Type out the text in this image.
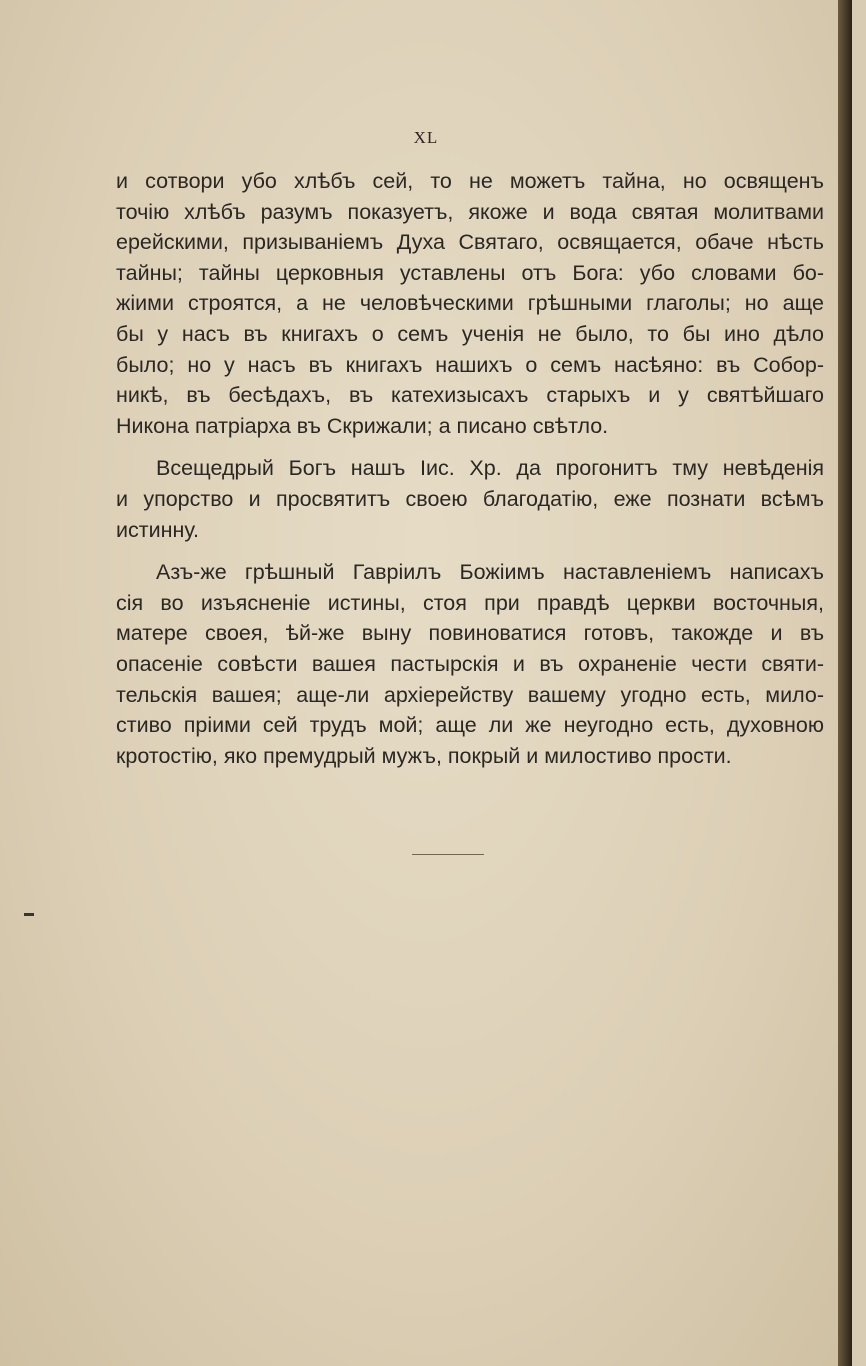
XL
и сотвори убо хлѣбъ сей, то не можетъ тайна, но освященъ
точію хлѣбъ разумъ показуетъ, якоже и вода святая молитвами
ерейскими, призываніемъ Духа Святаго, освящается, обаче нѣсть
тайны; тайны церковныя уставлены отъ Бога: убо словами бо-
жіими строятся, а не человѣческими грѣшными глаголы; но аще
бы у насъ въ книгахъ о семъ ученія не было, то бы ино дѣло
было; но у насъ въ книгахъ нашихъ о семъ насѣяно: въ Собор-
никѣ, въ бесѣдахъ, въ катехизысахъ старыхъ и у святѣйшаго
Никона патріарха въ Скрижали; а писано свѣтло.
Всещедрый Богъ нашъ Іис. Хр. да прогонитъ тму невѣденія
и упорство и просвятитъ своею благодатію, еже познати всѣмъ
истинну.
Азъ-же грѣшный Гавріилъ Божіимъ наставленіемъ написахъ
сія во изъясненіе истины, стоя при правдѣ церкви восточныя,
матере своея, ѣй-же выну повиноватися готовъ, такожде и въ
опасеніе совѣсти вашея пастырскія и въ охраненіе чести святи-
тельскія вашея; аще-ли архіерейству вашему угодно есть, мило-
стиво пріими сей трудъ мой; аще ли же неугодно есть, духовною
кротостію, яко премудрый мужъ, покрый и милостиво прости.
